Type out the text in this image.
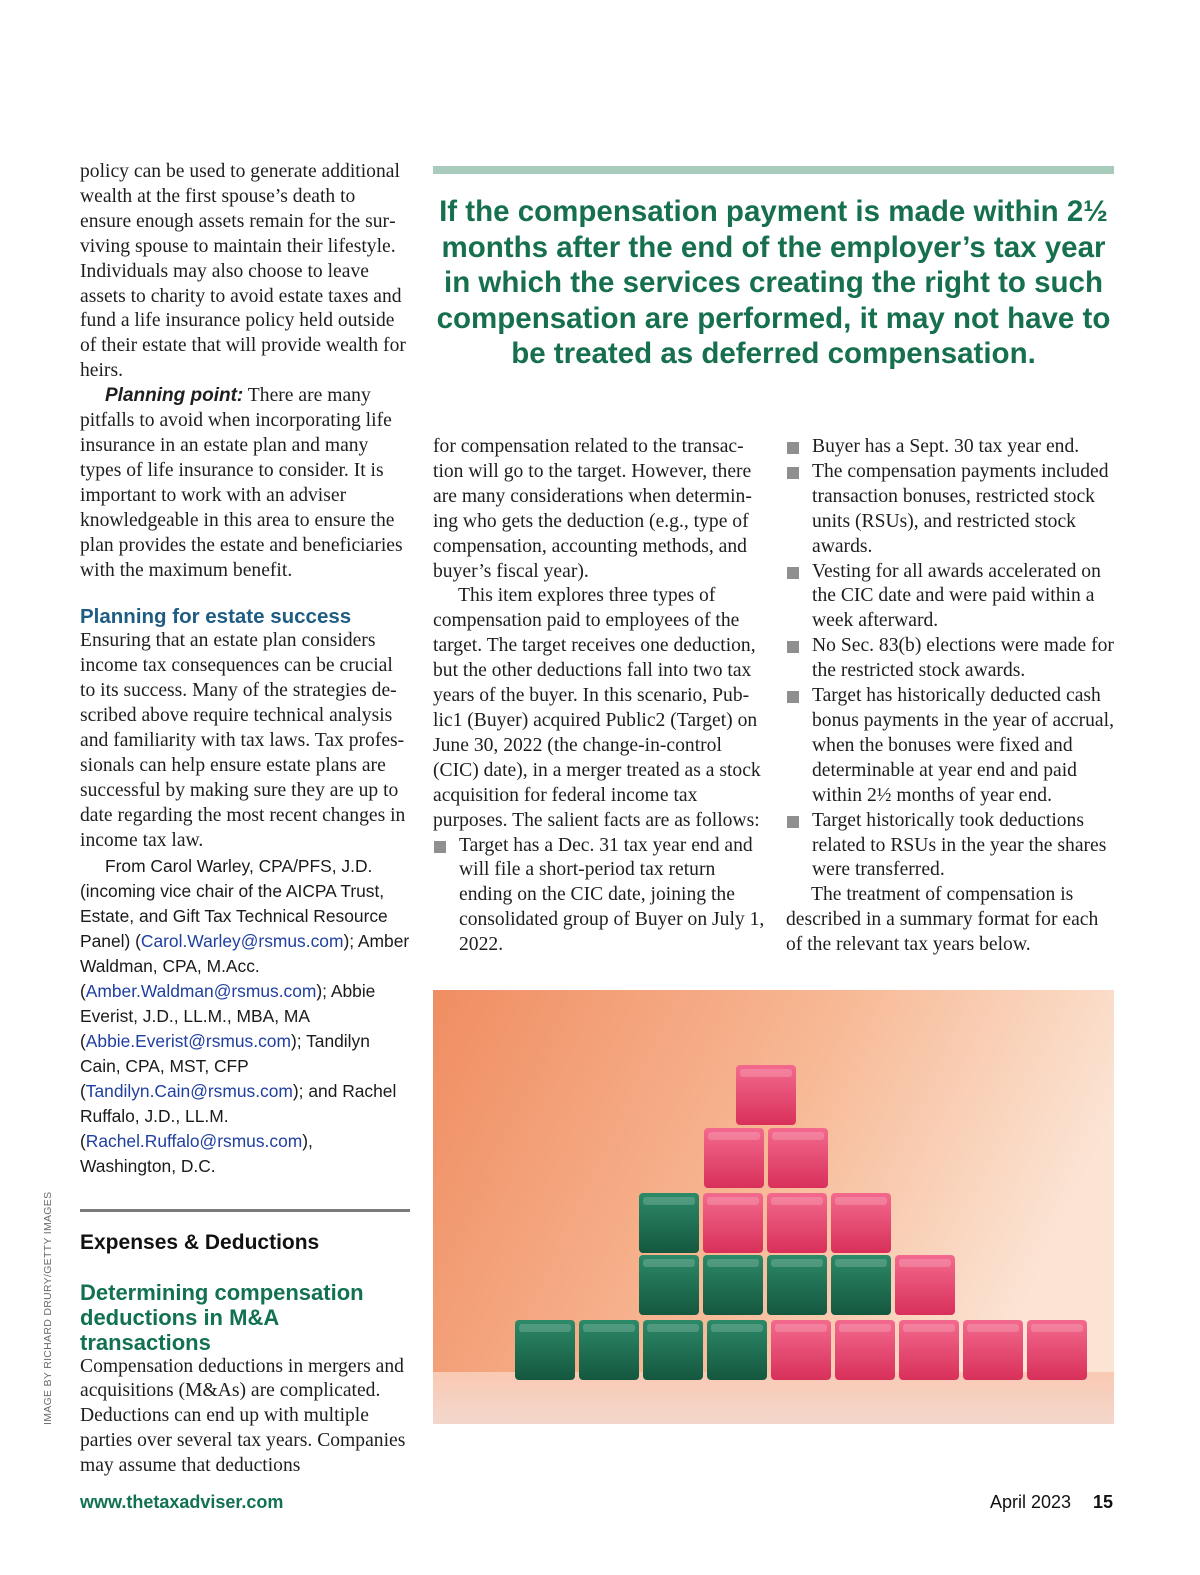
policy can be used to generate additional wealth at the first spouse’s death to ensure enough assets remain for the surviving spouse to maintain their lifestyle. Individuals may also choose to leave assets to charity to avoid estate taxes and fund a life insurance policy held outside of their estate that will provide wealth for heirs.

Planning point: There are many pitfalls to avoid when incorporating life insurance in an estate plan and many types of life insurance to consider. It is important to work with an adviser knowledgeable in this area to ensure the plan provides the estate and beneficiaries with the maximum benefit.

Planning for estate success

Ensuring that an estate plan considers income tax consequences can be crucial to its success. Many of the strategies described above require technical analysis and familiarity with tax laws. Tax professionals can help ensure estate plans are successful by making sure they are up to date regarding the most recent changes in income tax law.

From Carol Warley, CPA/PFS, J.D. (incoming vice chair of the AICPA Trust, Estate, and Gift Tax Technical Resource Panel) (Carol.Warley@rsmus.com); Amber Waldman, CPA, M.Acc. (Amber.Waldman@rsmus.com); Abbie Everist, J.D., LL.M., MBA, MA (Abbie.Everist@rsmus.com); Tandilyn Cain, CPA, MST, CFP (Tandilyn.Cain@rsmus.com); and Rachel Ruffalo, J.D., LL.M. (Rachel.Ruffalo@rsmus.com), Washington, D.C.

Expenses & Deductions
Determining compensation deductions in M&A transactions

Compensation deductions in mergers and acquisitions (M&As) are complicated. Deductions can end up with multiple parties over several tax years. Companies may assume that deductions

If the compensation payment is made within 2½ months after the end of the employer’s tax year in which the services creating the right to such compensation are performed, it may not have to be treated as deferred compensation.

for compensation related to the transaction will go to the target. However, there are many considerations when determining who gets the deduction (e.g., type of compensation, accounting methods, and buyer’s fiscal year).

This item explores three types of compensation paid to employees of the target. The target receives one deduction, but the other deductions fall into two tax years of the buyer. In this scenario, Public1 (Buyer) acquired Public2 (Target) on June 30, 2022 (the change-in-control (CIC) date), in a merger treated as a stock acquisition for federal income tax purposes. The salient facts are as follows:

Target has a Dec. 31 tax year end and will file a short-period tax return ending on the CIC date, joining the consolidated group of Buyer on July 1, 2022.
Buyer has a Sept. 30 tax year end.
The compensation payments included transaction bonuses, restricted stock units (RSUs), and restricted stock awards.
Vesting for all awards accelerated on the CIC date and were paid within a week afterward.
No Sec. 83(b) elections were made for the restricted stock awards.
Target has historically deducted cash bonus payments in the year of accrual, when the bonuses were fixed and determinable at year end and paid within 2½ months of year end.
Target historically took deductions related to RSUs in the year the shares were transferred.

The treatment of compensation is described in a summary format for each of the relevant tax years below.

IMAGE BY RICHARD DRURY/GETTY IMAGES
www.thetaxadviser.com	April 2023 15
